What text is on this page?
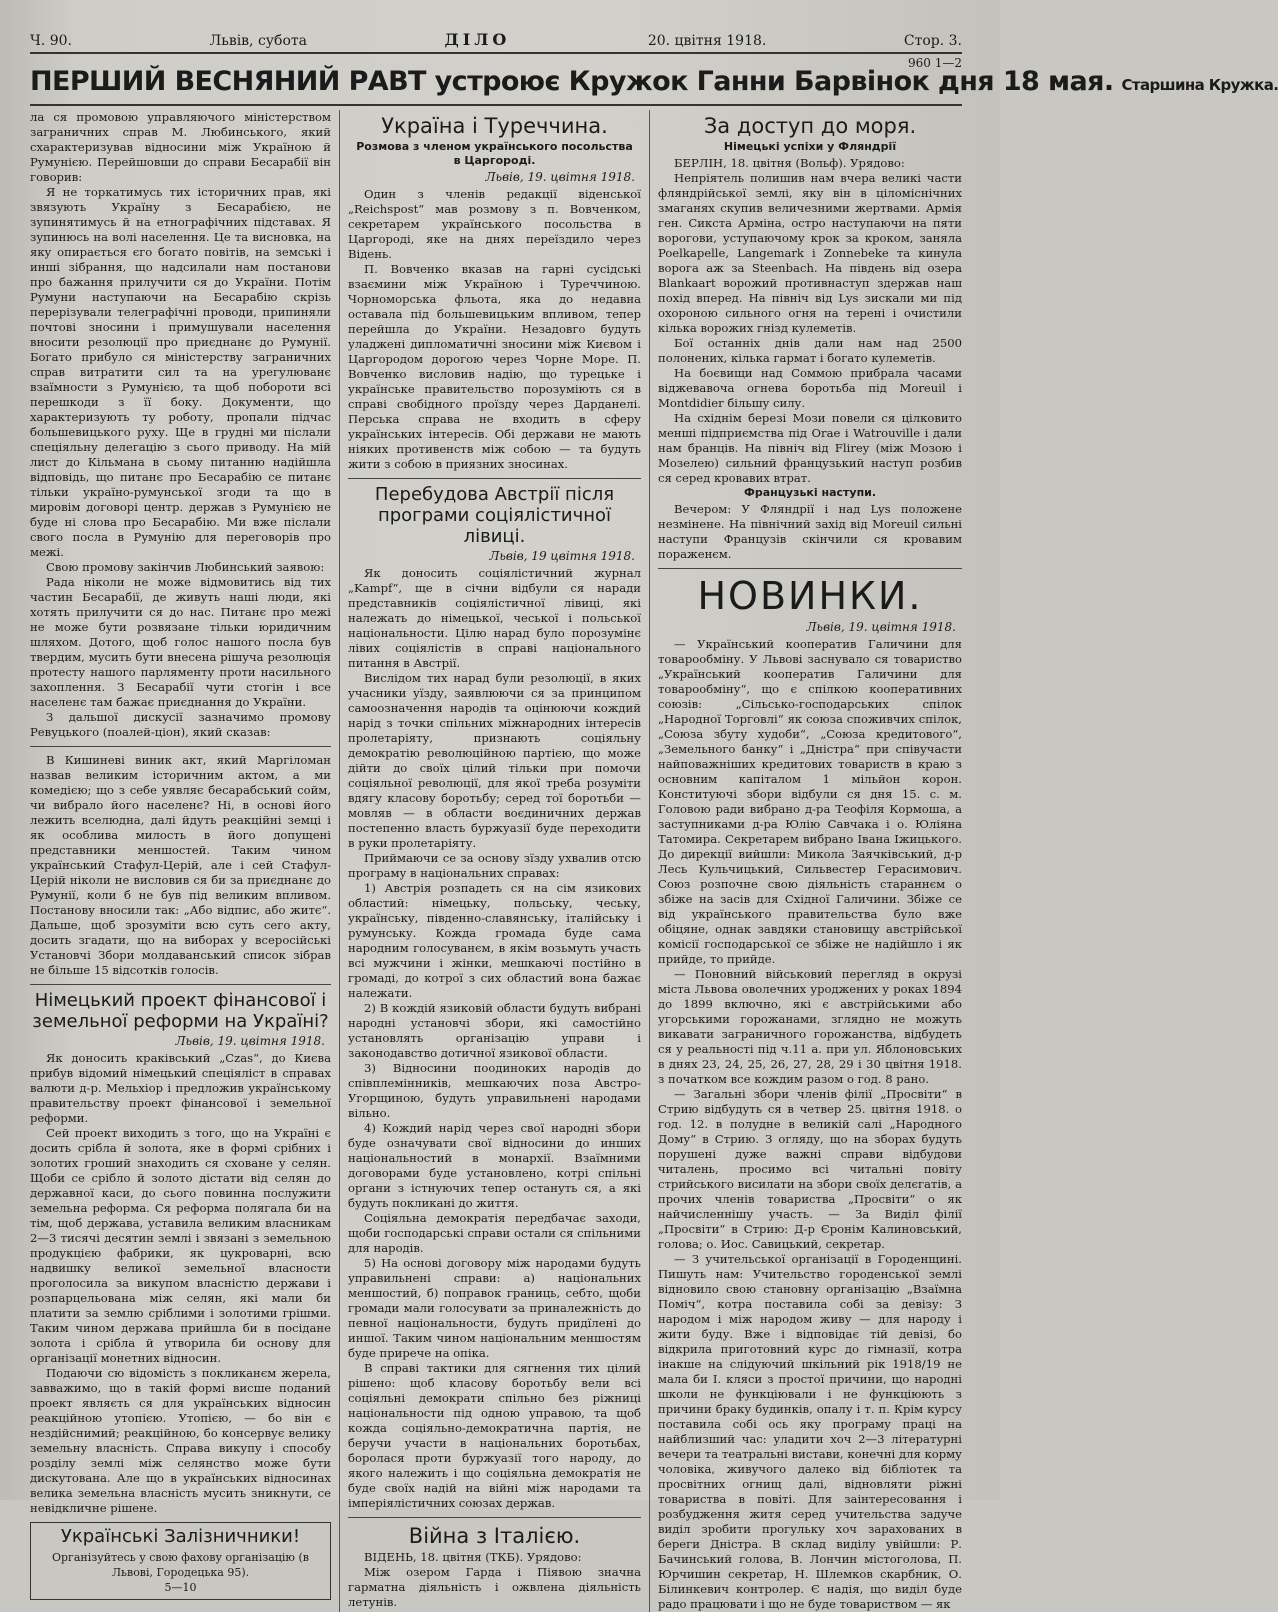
Ч. 90.	Львів, субота	ДІЛО	20. цвітня 1918.	Стор. 3.
960 1—2
ПЕРШИЙ ВЕСНЯНИЙ РАВТ устроює Кружок Ганни Барвінок дня 18 мая. Старшина Кружка.

ла ся промовою управляючого міністерством заграничних справ М. Любинського, який схарактеризував відносини між Україною й Румунією. Перейшовши до справи Бесарабії він говорив:

Я не торкатимусь тих історичних прав, які звязують Україну з Бесарабією, не зупинятимусь й на етнографічних підставах. Я зупинюсь на волі населення. Це та висновка, на яку опирається єго богато повітів, на земські і инші зібрання, що надсилали нам постанови про бажання прилучити ся до України. Потім Румуни наступаючи на Бесарабію скрізь перерізували телеграфічні проводи, припиняли почтові зносини і примушували населення вносити резолюції про приєднанє до Румунії. Богато прибуло ся міністерству заграничних справ витратити сил та на урегулюванє взаїмности з Румунією, та щоб побороти всі перешкоди з її боку. Документи, що характеризують ту роботу, пропали підчас большевицького руху. Ще в грудні ми післали спеціяльну делегацію з сього приводу. На мій лист до Кільмана в сьому питанню надійшла відповідь, що питанє про Бесарабію се питанє тільки україно-румунської згоди та що в мировім договорі центр. держав з Румунією не буде ні слова про Бесарабію. Ми вже післали свого посла в Румунію для переговорів про межі.

Свою промову закінчив Любинський заявою:

Рада ніколи не може відмовитись від тих частин Бесарабії, де живуть наші люди, які хотять прилучити ся до нас. Питанє про межі не може бути розвязане тільки юридичним шляхом. Дотого, щоб голос нашого посла був твердим, мусить бути внесена рішуча резолюція протесту нашого парляменту проти насильного захоплення. З Бесарабії чути стогін і все населенє там бажає приєднання до України.

З дальшої дискусії зазначимо промову Ревуцького (поалей-ціон), який сказав:

В Кишиневі виник акт, який Маргіломан назвав великим історичним актом, а ми комедією; що з себе уявляє бесарабський сойм, чи вибрало його населенє? Ні, в основі його лежить вселюдна, далі йдуть реакційні земці і як особлива милость в його допущені представники меншостей. Таким чином український Стафул-Церій, але і сей Стафул-Церій ніколи не висловив ся би за приєднанє до Румунії, коли б не був під великим впливом. Постанову вносили так: „Або відпис, або житє“. Дальше, щоб зрозуміти всю суть сего акту, досить згадати, що на виборах у всеросійські Установчі Збори молдаванський список зібрав не більше 15 відсотків голосів.

Німецький проект фінансової і земельної реформи на Україні?
Львів, 19. цвітня 1918.

Як доносить краківський „Czas“, до Києва прибув відомий німецький спеціяліст в справах валюти д-р. Мельхіор і предложив українському правительству проект фінансової і земельної реформи.

Сей проект виходить з того, що на Україні є досить срібла й золота, яке в формі срібних і золотих гроший знаходить ся сховане у селян. Щоби се срібло й золото дістати від селян до державної каси, до сього повинна послужити земельна реформа. Ся реформа полягала би на тім, щоб держава, уставила великим власникам 2—3 тисячі десятин землі і звязані з земельною продукцією фабрики, як цукроварні, всю надвишку великої земельної власности проголосила за викупом власністю держави і розпарцельована між селян, які мали би платити за землю сріблими і золотими грішми. Таким чином держава прийшла би в посідане золота і срібла й утворила би основу для організації монетних відносин.

Подаючи сю відомість з покликанєм жерела, завважимо, що в такій формі висше поданий проект являєть ся для українських відносин реакційною утопією. Утопією, — бо він є нездійснимий; реакційною, бо консервує велику земельну власність. Справа викупу і способу розділу землі між селянство може бути дискутована. Але що в українських відносинах велика земельна власність мусить зникнути, се невідкличне рішене.

Українські Залізничники!

Організуйтесь у свою фахову організацію (в Львові, Городецька 95).

5—10

Україна і Туреччина.
Розмова з членом українського посольства в Царгороді.
Львів, 19. цвітня 1918.

Один з членів редакції віденської „Reichspost“ мав розмову з п. Вовченком, секретарем українського посольства в Царгороді, яке на днях переїздило через Відень.

П. Вовченко вказав на гарні сусідські взаємини між Україною і Туреччиною. Чорноморська фльота, яка до недавна оставала під большевицьким впливом, тепер перейшла до України. Незадовго будуть уладжені дипломатичні зносини між Києвом і Царгородом дорогою через Чорне Море. П. Вовченко висловив надію, що турецьке і українське правительство порозуміють ся в справі свобідного проїзду через Дарданелі. Перська справа не входить в сферу українських інтересів. Обі держави не мають ніяких противенств між собою — та будуть жити з собою в приязних зносинах.

Перебудова Австрії після програми соціялістичної лівиці.
Львів, 19 цвітня 1918.

Як доносить соціялістичний журнал „Kampf“, ще в січни відбули ся наради представників соціялістичної лівиці, які належать до німецької, чеської і польської національности. Цілю нарад було порозумінє лівих соціялістів в справі національного питання в Австрії.

Вислідом тих нарад були резолюції, в яких учасники уїзду, заявлюючи ся за принципом самоозначення народів та оцінюючи кождий нарід з точки спільних міжнародних інтересів пролетаріяту, признають соціяльну демократію революційною партією, що може дійти до своїх цілий тільки при помочи соціяльної революції, для якої треба розуміти вдягу класову боротьбу; серед тої боротьби — мовляв — в области воєдиничних держав постепенно власть буржуазії буде переходити в руки пролетаріяту.

Приймаючи се за основу зїзду ухвалив отсю програму в національних справах:

1) Австрія розпадеть ся на сім язикових областий: німецьку, польську, чеську, українську, південно-славянську, італійську і румунську. Кожда громада буде сама народним голосуванєм, в якім возьмуть участь всі мужчини і жінки, мешкаючі постійно в громаді, до котрої з сих областий вона бажає належати.

2) В кождій язиковій области будуть вибрані народні установчі збори, які самостійно установлять організацію управи і законодавство дотичної язикової области.

3) Відносини поодиноких народів до співплемінників, мешкаючих поза Австро-Угорщиною, будуть управильнені народами вільно.

4) Кождий нарід через свої народні збори буде означувати свої відносини до инших національностий в монархії. Взаїмними договорами буде установлено, котрі спільні органи з істнуючих тепер остануть ся, а які будуть покликані до життя.

Соціяльна демократія передбачає заходи, щоби господарські справи остали ся спільними для народів.

5) На основі договору між народами будуть управильнені справи: а) національних меншостий, б) поправок границь, себто, щоби громади мали голосувати за приналежність до певної національности, будуть придїлені до иншої. Таким чином національним меншостям буде прирече на опіка.

В справі тактики для сягнення тих цілий рішено: щоб класову боротьбу вели всі соціяльні демократи спільно без ріжниці національности під одною управою, та щоб кожда соціяльно-демократична партія, не беручи участи в національних боротьбах, боролася проти буржуазії того народу, до якого належить і що соціяльна демократія не буде своїх надій на війні між народами та імперіялістичних союзах держав.

Війна з Італією.

ВІДЕНЬ, 18. цвітня (ТКБ). Урядово:

Між озером Гарда і Піявою значна гарматна діяльність і ожвлена діяльність летунів.

За доступ до моря.
Німецькі успіхи у Фляндрії

БЕРЛІН, 18. цвітня (Вольф). Урядово:

Непріятель полишив нам вчера великі части фляндрійської землі, яку він в ціломіснічних змаганях скупив величезними жертвами. Армія ген. Сикста Арміна, остро наступаючи на пяти ворогови, уступаючому крок за кроком, заняла Poelkapelle, Langemark і Zonnebeke та кинула ворога аж за Steenbach. На південь від озера Blankaart ворожий противнаступ здержав наш похід вперед. На північ від Lys зискали ми під охороною сильного огня на терені і очистили кілька ворожих гнізд кулеметів.

Бої останніх днів дали нам над 2500 полонених, кілька гармат і богато кулеметів.

На боєвищи над Соммою прибрала часами віджевавоча огнева боротьба під Moreuil і Montdidier більшу силу.

На східнім березі Мози повели ся цілковито менші підприємства під Orae і Watrouville і дали нам бранців. На північ від Flirey (між Мозою і Мозелею) сильний французький наступ розбив ся серед кровавих втрат.

Французькі наступи.

Вечером: У Фляндрії і над Lys положене незмінене. На північний захід від Moreuil сильні наступи Французів скінчили ся кровавим пораженєм.

НОВИНКИ.
Львів, 19. цвітня 1918.

— Український кооператив Галичини для товарообміну. У Львові заснувало ся товариство „Український кооператив Галичини для товарообміну“, що є спілкою кооперативних союзів: „Сільсько-господарських спілок „Народної Торговлі“ як союза споживчих спілок, „Союза збуту худоби“, „Союза кредитового“, „Земельного банку“ і „Дністра“ при співучасти найповажніших кредитових товариств в краю з основним капіталом 1 мільйон корон. Конституючі збори відбули ся дня 15. с. м. Головою ради вибрано д-ра Теофіля Кормоша, а заступниками д-ра Юлію Савчака і о. Юліяна Татомира. Секретарем вибрано Івана Іжицького. До дирекції вийшли: Микола Заячківський, д-р Лесь Кульчицький, Сильвестер Герасимович. Союз розпочне свою діяльність стараннєм о збіже на засів для Східної Галичини. Збіже се від українського правительства було вже обіцяне, однак завдяки становищу австрійської комісії господарської се збіже не надійшло і як прийде, то прийде.

— Поновний військовий перегляд в окрузі міста Львова оволечних уроджених у роках 1894 до 1899 включно, які є австрійськими або угорськими горожанами, зглядно не можуть викавати заграничного горожанства, відбудеть ся у реальності під ч.11 а. при ул. Яблоновських в днях 23, 24, 25, 26, 27, 28, 29 і 30 цвітня 1918. з початком все кождим разом о год. 8 рано.

— Загальні збори членів філії „Просвіти“ в Стрию відбудуть ся в четвер 25. цвітня 1918. о год. 12. в полудне в великій салі „Народного Дому“ в Стрию. З огляду, що на зборах будуть порушені дуже важні справи відбудови читалень, просимо всі читальні повіту стрийського висилати на збори своїх делєгатів, а прочих членів товариства „Просвіти“ о як найчисленнішу участь. — За Виділ філії „Просвіти“ в Стрию: Д-р Єронім Калиновський, голова; о. Иос. Савицький, секретар.

— З учительської організації в Городенщині. Пишуть нам: Учительство городенської землі відновило свою становну організацію „Взаїмна Поміч“, котра поставила собі за девізу: З народом і між народом живу — для народу і жити буду. Вже і відповідає тій девізі, бо відкрила приготовний курс до гімназії, котра інакше на слідуючий шкільний рік 1918/19 не мала би І. кляси з простої причини, що народні школи не функціювали і не функціюють з причини браку будинків, опалу і т. п. Крім курсу поставила собі ось яку програму праці на найблизший час: уладити хоч 2—3 літературні вечери та театральні вистави, конечні для корму чоловіка, живучого далеко від бібліотек та просвітних огнищ далі, відновляти ріжні товариства в повіті. Для заінтересовання і розбудження житя серед учительства задуче виділ зробити прогульку хоч зарахованих в береги Дністра. В склад виділу увійшли: Р. Бачинський голова, В. Лончин містоголова, П. Юрчишин секретар, Н. Шлемков скарбник, О. Білинкевич контролер. Є надія, що виділ буде радо працювати і що не буде товариством — як
